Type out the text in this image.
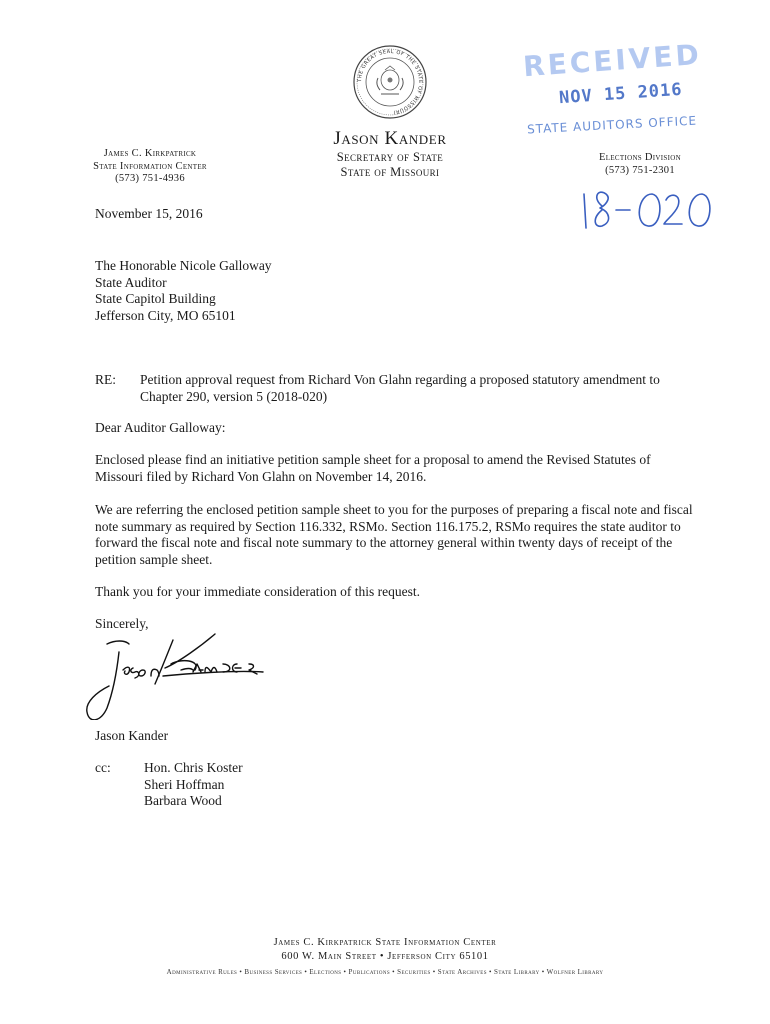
THE GREAT SEAL OF THE STATE OF MISSOURI
James C. Kirkpatrick
State Information Center
(573) 751-4936
Jason Kander
Secretary of State
State of Missouri
Elections Division
(573) 751-2301
RECEIVED
NOV 15 2016
STATE AUDITORS OFFICE
November 15, 2016
The Honorable Nicole Galloway
State Auditor
State Capitol Building
Jefferson City, MO 65101
RE: Petition approval request from Richard Von Glahn regarding a proposed statutory amendment to Chapter 290, version 5 (2018-020)
Dear Auditor Galloway:
Enclosed please find an initiative petition sample sheet for a proposal to amend the Revised Statutes of Missouri filed by Richard Von Glahn on November 14, 2016.
We are referring the enclosed petition sample sheet to you for the purposes of preparing a fiscal note and fiscal note summary as required by Section 116.332, RSMo. Section 116.175.2, RSMo requires the state auditor to forward the fiscal note and fiscal note summary to the attorney general within twenty days of receipt of the petition sample sheet.
Thank you for your immediate consideration of this request.
Sincerely,
Jason Kander
cc: Hon. Chris Koster
Sheri Hoffman
Barbara Wood
James C. Kirkpatrick State Information Center
600 W. Main Street • Jefferson City 65101
Administrative Rules • Business Services • Elections • Publications • Securities • State Archives • State Library • Wolfner Library
